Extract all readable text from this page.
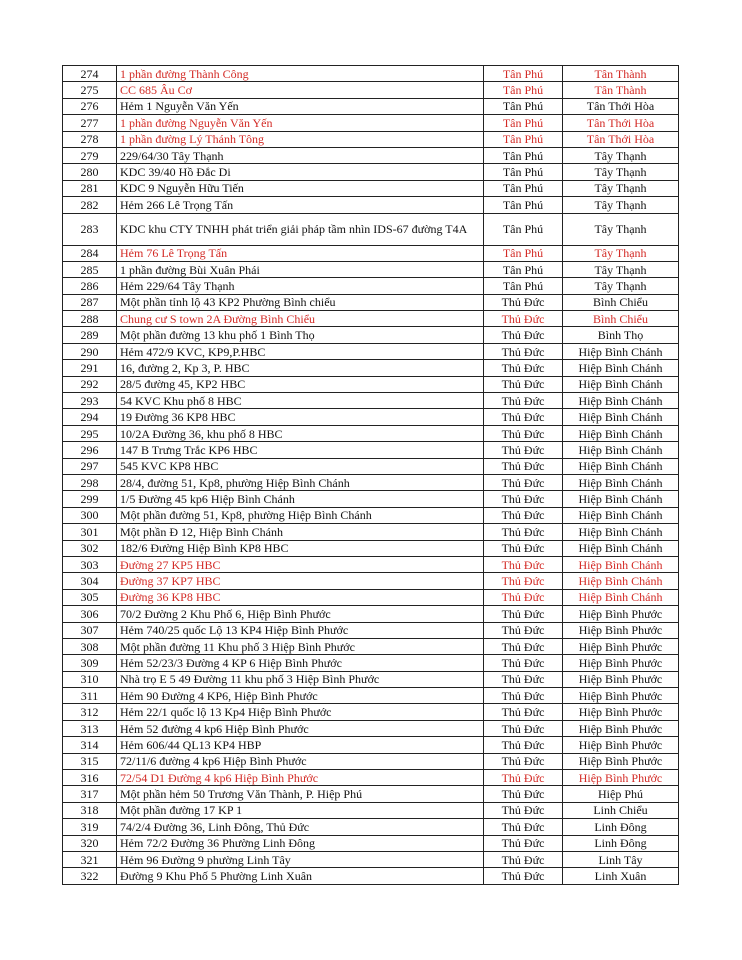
274	1 phần đường Thành Công	Tân Phú	Tân Thành
275	CC 685 Âu Cơ	Tân Phú	Tân Thành
276	Hẻm 1 Nguyễn Văn Yến	Tân Phú	Tân Thới Hòa
277	1 phần đường Nguyễn Văn Yến	Tân Phú	Tân Thới Hòa
278	1 phần đường Lý Thánh Tông	Tân Phú	Tân Thới Hòa
279	229/64/30 Tây Thạnh	Tân Phú	Tây Thạnh
280	KDC 39/40 Hồ Đắc Di	Tân Phú	Tây Thạnh
281	KDC 9 Nguyễn Hữu Tiến	Tân Phú	Tây Thạnh
282	Hẻm 266 Lê Trọng Tấn	Tân Phú	Tây Thạnh
283	KDC khu CTY TNHH phát triển giải pháp tầm nhìn IDS-67 đường T4A	Tân Phú	Tây Thạnh
284	Hẻm 76 Lê Trọng Tấn	Tân Phú	Tây Thạnh
285	1 phần đường Bùi Xuân Phái	Tân Phú	Tây Thạnh
286	Hẻm 229/64 Tây Thạnh	Tân Phú	Tây Thạnh
287	Một phần tỉnh lộ 43 KP2 Phường Bình chiểu	Thủ Đức	Bình Chiểu
288	Chung cư S town 2A Đường Bình Chiểu	Thủ Đức	Bình Chiểu
289	Một phần đường 13 khu phố 1 Bình Thọ	Thủ Đức	Bình Thọ
290	Hẻm 472/9 KVC, KP9,P.HBC	Thủ Đức	Hiệp Bình Chánh
291	16, đường 2, Kp 3, P. HBC	Thủ Đức	Hiệp Bình Chánh
292	28/5 đường 45, KP2 HBC	Thủ Đức	Hiệp Bình Chánh
293	54 KVC Khu phố 8 HBC	Thủ Đức	Hiệp Bình Chánh
294	19 Đường 36 KP8 HBC	Thủ Đức	Hiệp Bình Chánh
295	10/2A Đường 36, khu phố 8 HBC	Thủ Đức	Hiệp Bình Chánh
296	147 B Trưng Trắc KP6 HBC	Thủ Đức	Hiệp Bình Chánh
297	545 KVC KP8 HBC	Thủ Đức	Hiệp Bình Chánh
298	28/4, đường 51, Kp8, phường Hiệp Bình Chánh	Thủ Đức	Hiệp Bình Chánh
299	1/5 Đường 45 kp6 Hiệp Bình Chánh	Thủ Đức	Hiệp Bình Chánh
300	Một phần đường 51, Kp8, phường Hiệp Bình Chánh	Thủ Đức	Hiệp Bình Chánh
301	Một phần Đ 12, Hiệp Bình Chánh	Thủ Đức	Hiệp Bình Chánh
302	182/6 Đường Hiệp Bình KP8 HBC	Thủ Đức	Hiệp Bình Chánh
303	Đường 27 KP5 HBC	Thủ Đức	Hiệp Bình Chánh
304	Đường 37 KP7 HBC	Thủ Đức	Hiệp Bình Chánh
305	Đường 36 KP8 HBC	Thủ Đức	Hiệp Bình Chánh
306	70/2 Đường 2 Khu Phố 6, Hiệp Bình Phước	Thủ Đức	Hiệp Bình Phước
307	Hẻm 740/25 quốc Lộ 13 KP4 Hiệp Bình Phước	Thủ Đức	Hiệp Bình Phước
308	Một phần đường 11 Khu phố 3 Hiệp Bình Phước	Thủ Đức	Hiệp Bình Phước
309	Hẻm 52/23/3 Đường 4 KP 6 Hiệp Bình Phước	Thủ Đức	Hiệp Bình Phước
310	Nhà trọ E 5 49 Đường 11 khu phố 3 Hiệp Bình Phước	Thủ Đức	Hiệp Bình Phước
311	Hẻm 90 Đường 4 KP6, Hiệp Bình Phước	Thủ Đức	Hiệp Bình Phước
312	Hẻm 22/1 quốc lộ 13 Kp4 Hiệp Bình Phước	Thủ Đức	Hiệp Bình Phước
313	Hẻm 52 đường 4 kp6 Hiệp Bình Phước	Thủ Đức	Hiệp Bình Phước
314	Hẻm 606/44 QL13 KP4 HBP	Thủ Đức	Hiệp Bình Phước
315	72/11/6 đường 4 kp6 Hiệp Bình Phước	Thủ Đức	Hiệp Bình Phước
316	72/54 D1 Đường 4 kp6 Hiệp Bình Phước	Thủ Đức	Hiệp Bình Phước
317	Một phần hẻm 50 Trương Văn Thành, P. Hiệp Phú	Thủ Đức	Hiệp Phú
318	Một phần đường 17 KP 1	Thủ Đức	Linh Chiểu
319	74/2/4 Đường 36, Linh Đông, Thủ Đức	Thủ Đức	Linh Đông
320	Hẻm 72/2 Đường 36 Phường Linh Đông	Thủ Đức	Linh Đông
321	Hẻm 96 Đường 9 phường Linh Tây	Thủ Đức	Linh Tây
322	Đường 9 Khu Phố 5 Phường Linh Xuân	Thủ Đức	Linh Xuân
